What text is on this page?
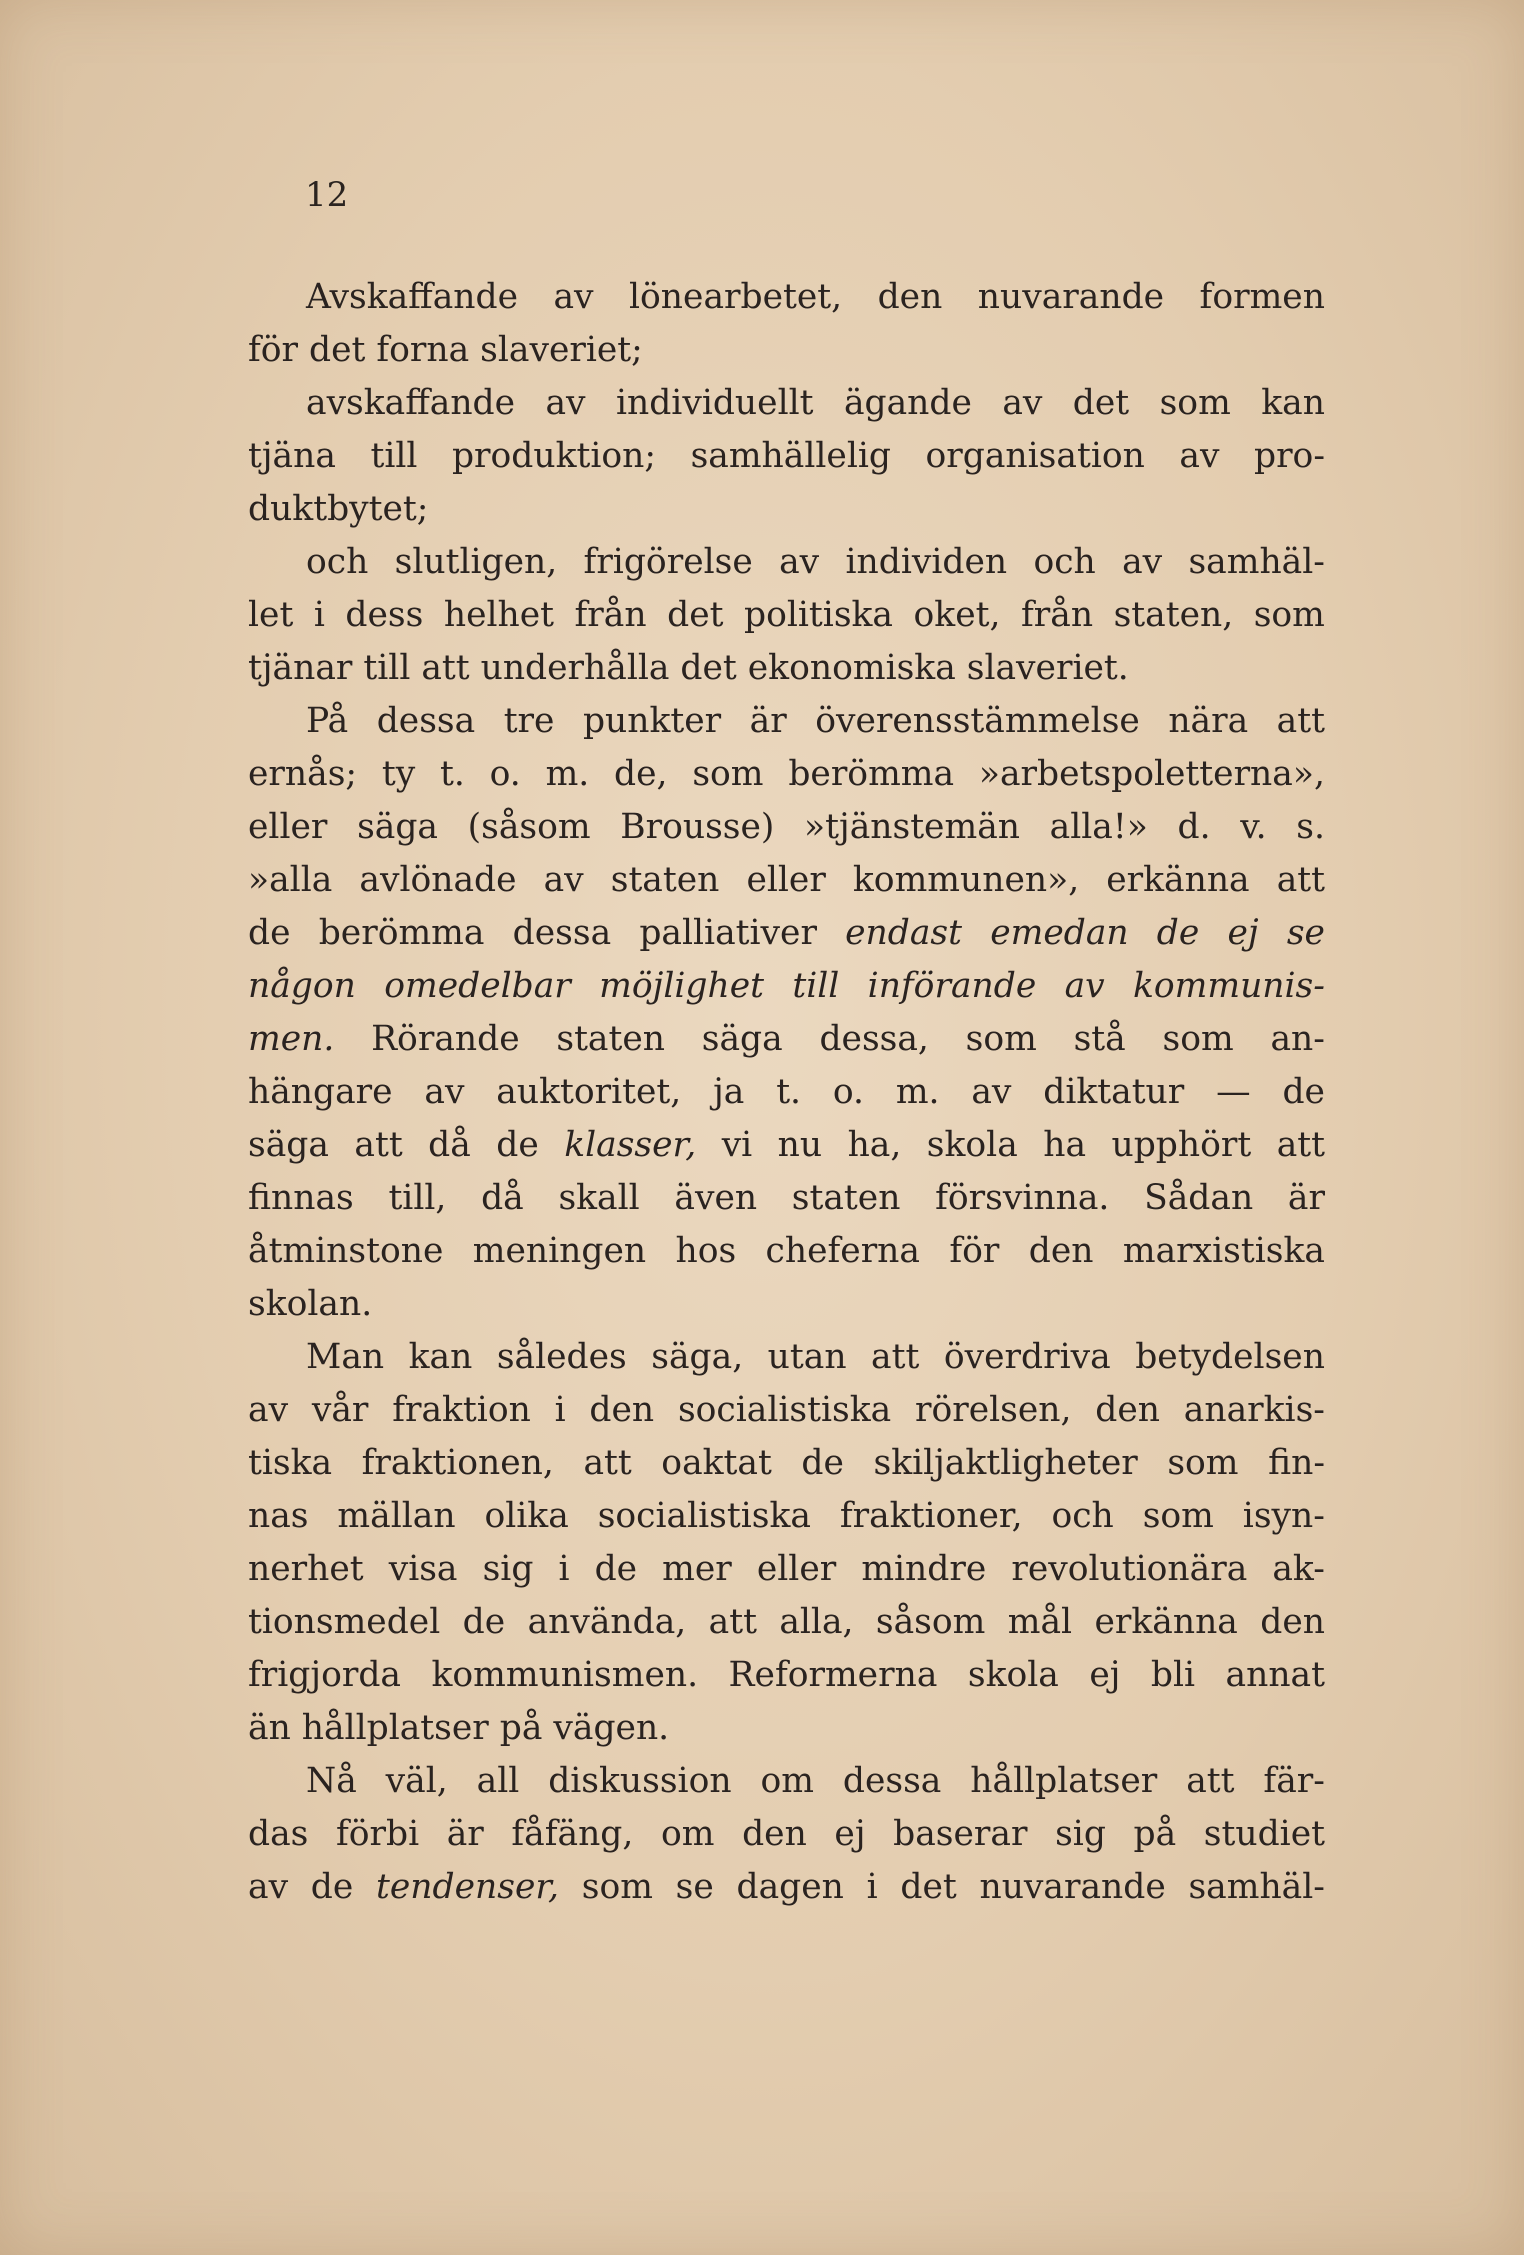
12
Avskaffande av lönearbetet, den nuvarande formen
för det forna slaveriet;
avskaffande av individuellt ägande av det som kan
tjäna till produktion; samhällelig organisation av pro-
duktbytet;
och slutligen, frigörelse av individen och av samhäl-
let i dess helhet från det politiska oket, från staten, som
tjänar till att underhålla det ekonomiska slaveriet.
På dessa tre punkter är överensstämmelse nära att
ernås; ty t. o. m. de, som berömma »arbetspoletterna»,
eller säga (såsom Brousse) »tjänstemän alla!» d. v. s.
»alla avlönade av staten eller kommunen», erkänna att
de berömma dessa palliativer endast emedan de ej se
någon omedelbar möjlighet till införande av kommunis-
men. Rörande staten säga dessa, som stå som an-
hängare av auktoritet, ja t. o. m. av diktatur — de
säga att då de klasser, vi nu ha, skola ha upphört att
finnas till, då skall även staten försvinna. Sådan är
åtminstone meningen hos cheferna för den marxistiska
skolan.
Man kan således säga, utan att överdriva betydelsen
av vår fraktion i den socialistiska rörelsen, den anarkis-
tiska fraktionen, att oaktat de skiljaktligheter som fin-
nas mällan olika socialistiska fraktioner, och som isyn-
nerhet visa sig i de mer eller mindre revolutionära ak-
tionsmedel de använda, att alla, såsom mål erkänna den
frigjorda kommunismen. Reformerna skola ej bli annat
än hållplatser på vägen.
Nå väl, all diskussion om dessa hållplatser att fär-
das förbi är fåfäng, om den ej baserar sig på studiet
av de tendenser, som se dagen i det nuvarande samhäl-
